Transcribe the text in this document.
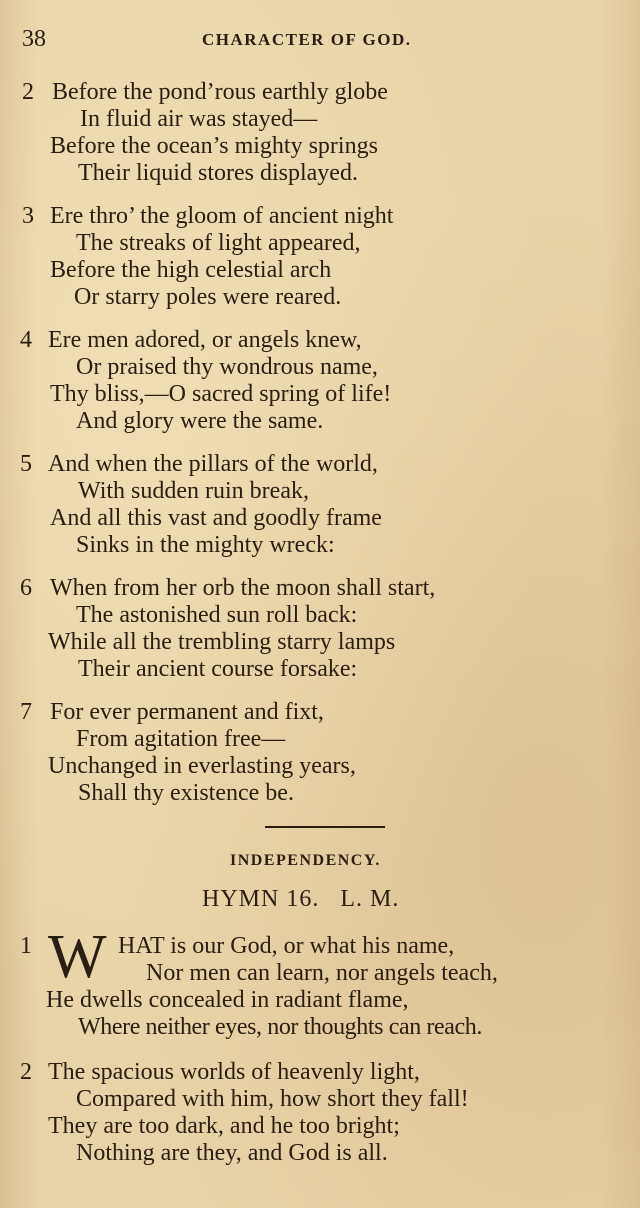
38	CHARACTER OF GOD.
2 Before the pond’rous earthly globe
In fluid air was stayed—
Before the ocean’s mighty springs
Their liquid stores displayed.
3 Ere thro’ the gloom of ancient night
The streaks of light appeared,
Before the high celestial arch
Or starry poles were reared.
4 Ere men adored, or angels knew,
Or praised thy wondrous name,
Thy bliss,—O sacred spring of life!
And glory were the same.
5 And when the pillars of the world,
With sudden ruin break,
And all this vast and goodly frame
Sinks in the mighty wreck:
6 When from her orb the moon shall start,
The astonished sun roll back:
While all the trembling starry lamps
Their ancient course forsake:
7 For ever permanent and fixt,
From agitation free—
Unchanged in everlasting years,
Shall thy existence be.
INDEPENDENCY.
HYMN 16.   L. M.
1 W HAT is our God, or what his name,
Nor men can learn, nor angels teach,
He dwells concealed in radiant flame,
Where neither eyes, nor thoughts can reach.
2 The spacious worlds of heavenly light,
Compared with him, how short they fall!
They are too dark, and he too bright;
Nothing are they, and God is all.
